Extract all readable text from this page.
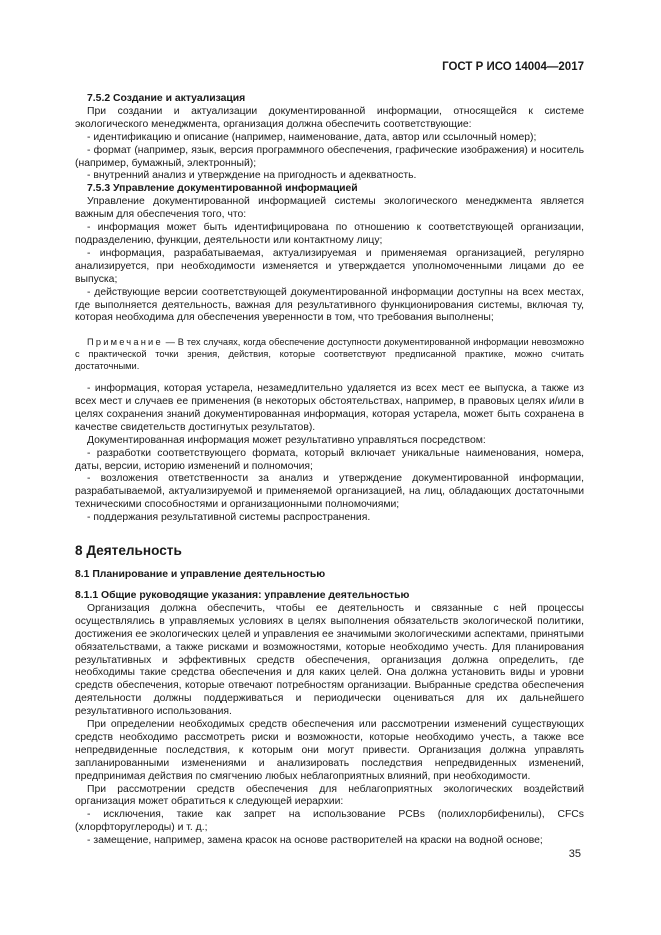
ГОСТ Р ИСО 14004—2017

7.5.2 Создание и актуализация

При создании и актуализации документированной информации, относящейся к системе экологического менеджмента, организация должна обеспечить соответствующие:

- идентификацию и описание (например, наименование, дата, автор или ссылочный номер);

- формат (например, язык, версия программного обеспечения, графические изображения) и носитель (например, бумажный, электронный);

- внутренний анализ и утверждение на пригодность и адекватность.

7.5.3 Управление документированной информацией

Управление документированной информацией системы экологического менеджмента является важным для обеспечения того, что:

- информация может быть идентифицирована по отношению к соответствующей организации, подразделению, функции, деятельности или контактному лицу;

- информация, разрабатываемая, актуализируемая и применяемая организацией, регулярно анализируется, при необходимости изменяется и утверждается уполномоченными лицами до ее выпуска;

- действующие версии соответствующей документированной информации доступны на всех местах, где выполняется деятельность, важная для результативного функционирования системы, включая ту, которая необходима для обеспечения уверенности в том, что требования выполнены;

Примечание — В тех случаях, когда обеспечение доступности документированной информации невозможно с практической точки зрения, действия, которые соответствуют предписанной практике, можно считать достаточными.

- информация, которая устарела, незамедлительно удаляется из всех мест ее выпуска, а также из всех мест и случаев ее применения (в некоторых обстоятельствах, например, в правовых целях и/или в целях сохранения знаний документированная информация, которая устарела, может быть сохранена в качестве свидетельств достигнутых результатов).

Документированная информация может результативно управляться посредством:

- разработки соответствующего формата, который включает уникальные наименования, номера, даты, версии, историю изменений и полномочия;

- возложения ответственности за анализ и утверждение документированной информации, разрабатываемой, актуализируемой и применяемой организацией, на лиц, обладающих достаточными техническими способностями и организационными полномочиями;

- поддержания результативной системы распространения.

8 Деятельность

8.1 Планирование и управление деятельностью

8.1.1 Общие руководящие указания: управление деятельностью

Организация должна обеспечить, чтобы ее деятельность и связанные с ней процессы осуществлялись в управляемых условиях в целях выполнения обязательств экологической политики, достижения ее экологических целей и управления ее значимыми экологическими аспектами, принятыми обязательствами, а также рисками и возможностями, которые необходимо учесть. Для планирования результативных и эффективных средств обеспечения, организация должна определить, где необходимы такие средства обеспечения и для каких целей. Она должна установить виды и уровни средств обеспечения, которые отвечают потребностям организации. Выбранные средства обеспечения деятельности должны поддерживаться и периодически оцениваться для их дальнейшего результативного использования.

При определении необходимых средств обеспечения или рассмотрении изменений существующих средств необходимо рассмотреть риски и возможности, которые необходимо учесть, а также все непредвиденные последствия, к которым они могут привести. Организация должна управлять запланированными изменениями и анализировать последствия непредвиденных изменений, предпринимая действия по смягчению любых неблагоприятных влияний, при необходимости.

При рассмотрении средств обеспечения для неблагоприятных экологических воздействий организация может обратиться к следующей иерархии:

- исключения, такие как запрет на использование PCBs (полихлорбифенилы), CFCs (хлорфторуглероды) и т. д.;

- замещение, например, замена красок на основе растворителей на краски на водной основе;

35
